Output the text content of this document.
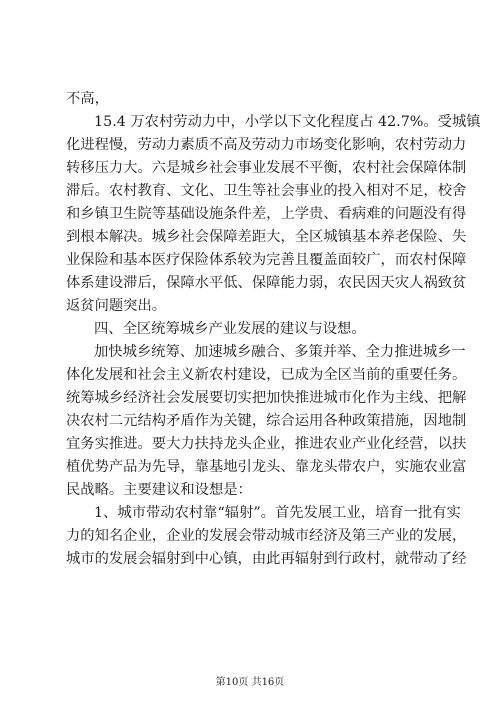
不高，
15.4 万农村劳动力中，小学以下文化程度占 42.7%。受城镇
化进程慢，劳动力素质不高及劳动力市场变化影响，农村劳动力
转移压力大。六是城乡社会事业发展不平衡，农村社会保障体制
滞后。农村教育、文化、卫生等社会事业的投入相对不足，校舍
和乡镇卫生院等基础设施条件差，上学贵、看病难的问题没有得
到根本解决。城乡社会保障差距大，全区城镇基本养老保险、失
业保险和基本医疗保险体系较为完善且覆盖面较广，而农村保障
体系建设滞后，保障水平低、保障能力弱，农民因天灾人祸致贫
返贫问题突出。
四、全区统筹城乡产业发展的建议与设想。
加快城乡统筹、加速城乡融合、多策并举、全力推进城乡一
体化发展和社会主义新农村建设，已成为全区当前的重要任务。
统筹城乡经济社会发展要切实把加快推进城市化作为主线、把解
决农村二元结构矛盾作为关键，综合运用各种政策措施，因地制
宜务实推进。要大力扶持龙头企业，推进农业产业化经营，以扶
植优势产品为先导，靠基地引龙头、靠龙头带农户，实施农业富
民战略。主要建议和设想是：
1、城市带动农村靠“辐射”。首先发展工业，培育一批有实
力的知名企业，企业的发展会带动城市经济及第三产业的发展，
城市的发展会辐射到中心镇，由此再辐射到行政村，就带动了经
第10页 共16页
